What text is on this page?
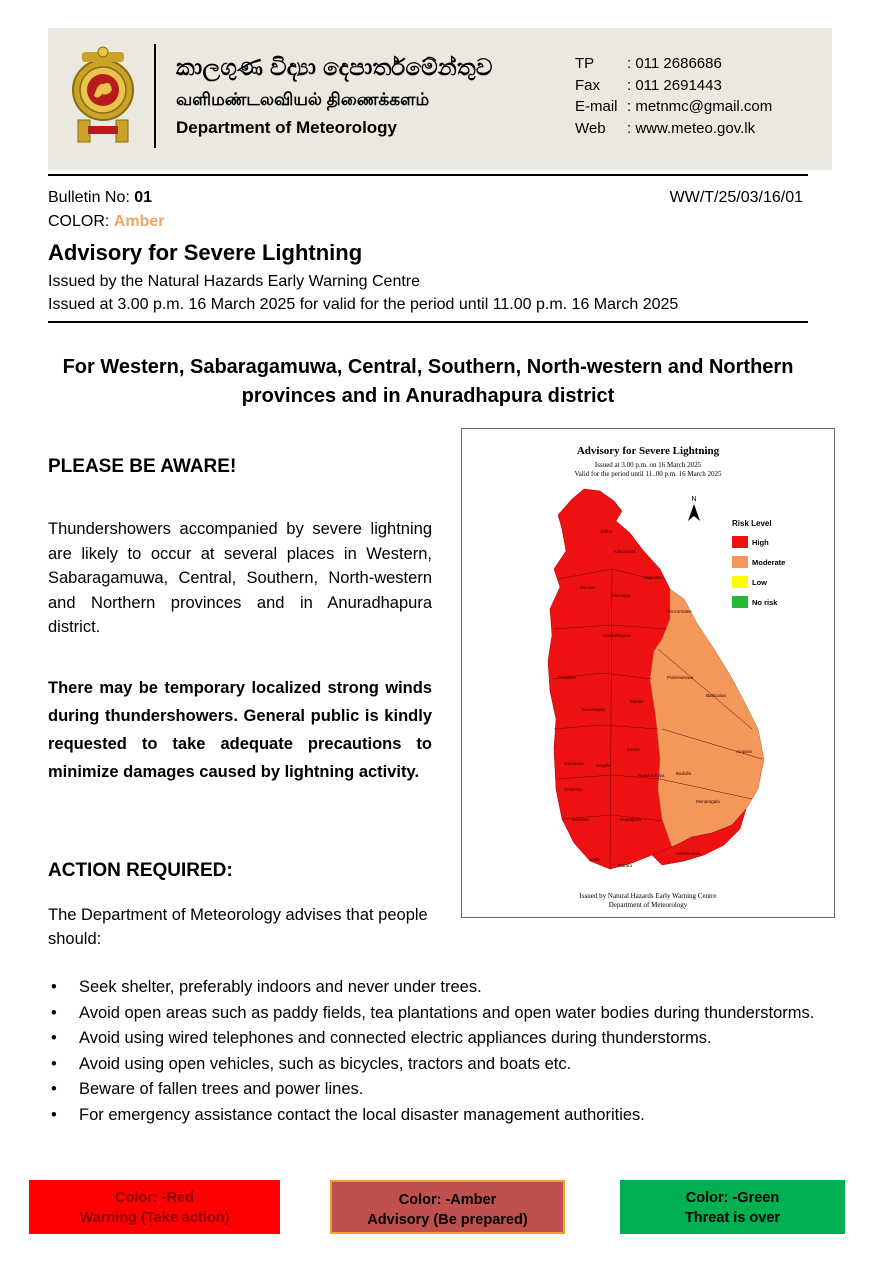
කාලගුණ විද්‍යා දෙපාර්තමේන්තුව
வளிமண்டலவியல் திணைக்களம்
Department of Meteorology
TP : 011 2686686
Fax : 011 2691443
E-mail : metnmc@gmail.com
Web : www.meteo.gov.lk
Bulletin No: 01
COLOR: Amber
WW/T/25/03/16/01
Advisory for Severe Lightning
Issued by the Natural Hazards Early Warning Centre
Issued at 3.00 p.m. 16 March 2025 for valid for the period until 11.00 p.m. 16 March 2025
For Western, Sabaragamuwa, Central, Southern, North-western and Northern provinces and in Anuradhapura district
PLEASE BE AWARE!
Thundershowers accompanied by severe lightning are likely to occur at several places in Western, Sabaragamuwa, Central, Southern, North-western and Northern provinces and in Anuradhapura district.
There may be temporary localized strong winds during thundershowers. General public is kindly requested to take adequate precautions to minimize damages caused by lightning activity.
ACTION REQUIRED:
The Department of Meteorology advises that people should:
• Seek shelter, preferably indoors and never under trees.
• Avoid open areas such as paddy fields, tea plantations and open water bodies during thunderstorms.
• Avoid using wired telephones and connected electric appliances during thunderstorms.
• Avoid using open vehicles, such as bicycles, tractors and boats etc.
• Beware of fallen trees and power lines.
• For emergency assistance contact the local disaster management authorities.
N
Jaffna
Kilinochchi
Mannar
Mullaitivu
Vavuniya
Trincomalee
Anuradhapura
Polonnaruwa
Puttalam
Kurunegala
Matale
Batticaloa
Kandy	Ampara
Gampaha	Kegalle
Nuwara Eliya	Badulla
Colombo
Ratnapura
Kalutara
Monaragala
Hambantota
Galle
Matara
Advisory for Severe Lightning
Issued at 3.00 p.m. on 16 March 2025
Valid for the period until 11..00 p.m. 16 March 2025
Risk Level
High
Moderate
Low
No risk
Issued by Natural Hazards Early Warning Centre
Department of Meteorology
Color: -Red
Warning (Take action)
Color: -Amber
Advisory (Be prepared)
Color: -Green
Threat is over
